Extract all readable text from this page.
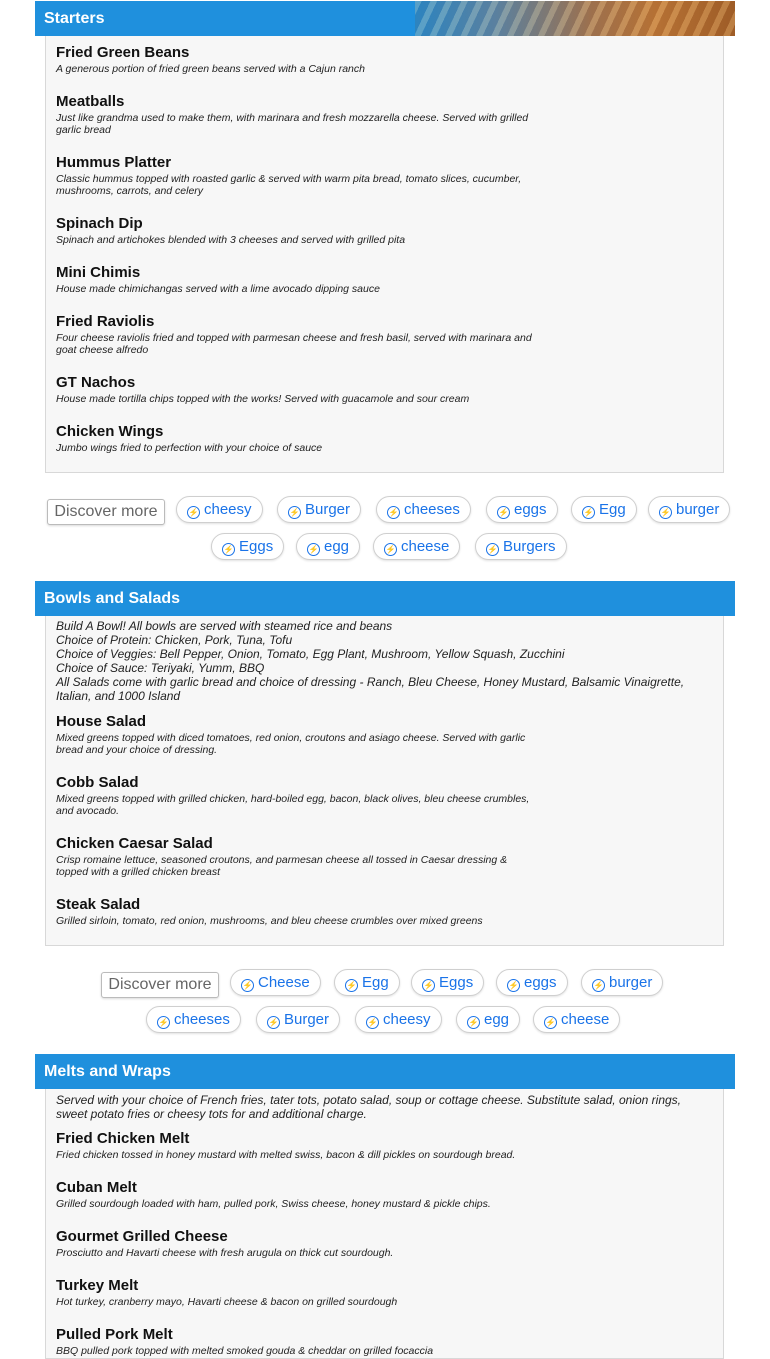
Starters
Fried Green Beans
A generous portion of fried green beans served with a Cajun ranch
Meatballs
Just like grandma used to make them, with marinara and fresh mozzarella cheese. Served with grilled garlic bread
Hummus Platter
Classic hummus topped with roasted garlic & served with warm pita bread, tomato slices, cucumber, mushrooms, carrots, and celery
Spinach Dip
Spinach and artichokes blended with 3 cheeses and served with grilled pita
Mini Chimis
House made chimichangas served with a lime avocado dipping sauce
Fried Raviolis
Four cheese raviolis fried and topped with parmesan cheese and fresh basil, served with marinara and goat cheese alfredo
GT Nachos
House made tortilla chips topped with the works! Served with guacamole and sour cream
Chicken Wings
Jumbo wings fried to perfection with your choice of sauce
Discover more	⚡ cheesy	⚡ Burger	⚡ cheeses	⚡ eggs	⚡ Egg	⚡ burger
⚡ Eggs	⚡ egg	⚡ cheese	⚡ Burgers
Bowls and Salads
Build A Bowl! All bowls are served with steamed rice and beans
Choice of Protein: Chicken, Pork, Tuna, Tofu
Choice of Veggies: Bell Pepper, Onion, Tomato, Egg Plant, Mushroom, Yellow Squash, Zucchini
Choice of Sauce: Teriyaki, Yumm, BBQ
All Salads come with garlic bread and choice of dressing - Ranch, Bleu Cheese, Honey Mustard, Balsamic Vinaigrette, Italian, and 1000 Island
House Salad
Mixed greens topped with diced tomatoes, red onion, croutons and asiago cheese. Served with garlic bread and your choice of dressing.
Cobb Salad
Mixed greens topped with grilled chicken, hard-boiled egg, bacon, black olives, bleu cheese crumbles, and avocado.
Chicken Caesar Salad
Crisp romaine lettuce, seasoned croutons, and parmesan cheese all tossed in Caesar dressing & topped with a grilled chicken breast
Steak Salad
Grilled sirloin, tomato, red onion, mushrooms, and bleu cheese crumbles over mixed greens
Discover more	⚡ Cheese	⚡ Egg	⚡ Eggs	⚡ eggs	⚡ burger
⚡ cheeses	⚡ Burger	⚡ cheesy	⚡ egg	⚡ cheese
Melts and Wraps
Served with your choice of French fries, tater tots, potato salad, soup or cottage cheese. Substitute salad, onion rings, sweet potato fries or cheesy tots for and additional charge.
Fried Chicken Melt
Fried chicken tossed in honey mustard with melted swiss, bacon & dill pickles on sourdough bread.
Cuban Melt
Grilled sourdough loaded with ham, pulled pork, Swiss cheese, honey mustard & pickle chips.
Gourmet Grilled Cheese
Prosciutto and Havarti cheese with fresh arugula on thick cut sourdough.
Turkey Melt
Hot turkey, cranberry mayo, Havarti cheese & bacon on grilled sourdough
Pulled Pork Melt
BBQ pulled pork topped with melted smoked gouda & cheddar on grilled focaccia
